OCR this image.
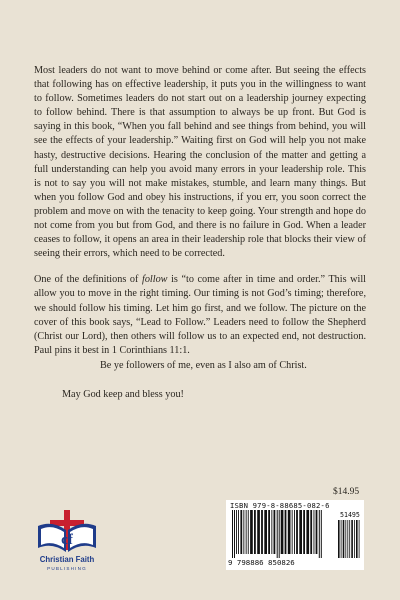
Most leaders do not want to move behind or come after. But seeing the effects that following has on effective leadership, it puts you in the willingness to want to follow. Sometimes leaders do not start out on a leadership journey expecting to follow behind. There is that assumption to always be up front. But God is saying in this book, “When you fall behind and see things from behind, you will see the effects of your leadership.” Waiting first on God will help you not make hasty, destructive decisions. Hearing the conclusion of the matter and getting a full understanding can help you avoid many errors in your leadership role. This is not to say you will not make mistakes, stumble, and learn many things. But when you follow God and obey his instructions, if you err, you soon correct the problem and move on with the tenacity to keep going. Your strength and hope do not come from you but from God, and there is no failure in God. When a leader ceases to follow, it opens an area in their leadership role that blocks their view of seeing their errors, which need to be corrected.

One of the definitions of follow is “to come after in time and order.” This will allow you to move in the right timing. Our timing is not God’s timing; therefore, we should follow his timing. Let him go first, and we follow. The picture on the cover of this book says, “Lead to Follow.” Leaders need to follow the Shepherd (Christ our Lord), then others will follow us to an expected end, not destruction. Paul pins it best in 1 Corinthians 11:1.

Be ye followers of me, even as I also am of Christ.
May God keep and bless you!
$14.95
ISBN 979-8-88685-082-6
51495
9 798886 850826
cf
Christian Faith
PUBLISHING
